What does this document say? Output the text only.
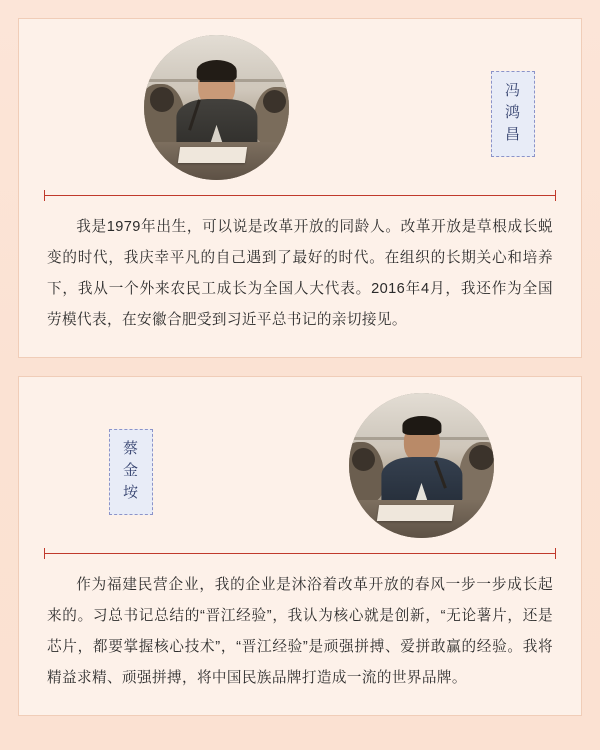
冯
鸿
昌
我是1979年出生，可以说是改革开放的同龄人。改革开放是草根成长蜕变的时代，我庆幸平凡的自己遇到了最好的时代。在组织的长期关心和培养下，我从一个外来农民工成长为全国人大代表。2016年4月，我还作为全国劳模代表，在安徽合肥受到习近平总书记的亲切接见。
蔡
金
垵
作为福建民营企业，我的企业是沐浴着改革开放的春风一步一步成长起来的。习总书记总结的“晋江经验”，我认为核心就是创新，“无论薯片，还是芯片，都要掌握核心技术”，“晋江经验”是顽强拼搏、爱拼敢赢的经验。我将精益求精、顽强拼搏，将中国民族品牌打造成一流的世界品牌。
